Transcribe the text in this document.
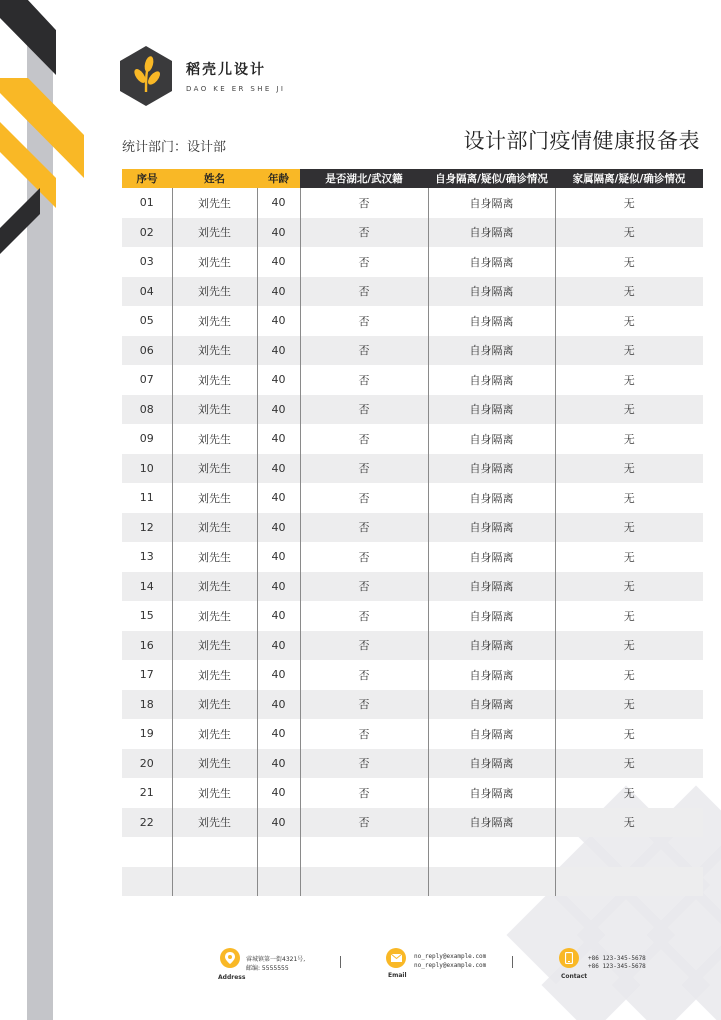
稻壳儿设计
DAO KE ER SHE JI
统计部门：设计部	设计部门疫情健康报备表
序号	姓名	年龄	是否湖北/武汉籍	自身隔离/疑似/确诊情况	家属隔离/疑似/确诊情况
01	刘先生	40	否	自身隔离	无
02	刘先生	40	否	自身隔离	无
03	刘先生	40	否	自身隔离	无
04	刘先生	40	否	自身隔离	无
05	刘先生	40	否	自身隔离	无
06	刘先生	40	否	自身隔离	无
07	刘先生	40	否	自身隔离	无
08	刘先生	40	否	自身隔离	无
09	刘先生	40	否	自身隔离	无
10	刘先生	40	否	自身隔离	无
11	刘先生	40	否	自身隔离	无
12	刘先生	40	否	自身隔离	无
13	刘先生	40	否	自身隔离	无
14	刘先生	40	否	自身隔离	无
15	刘先生	40	否	自身隔离	无
16	刘先生	40	否	自身隔离	无
17	刘先生	40	否	自身隔离	无
18	刘先生	40	否	自身隔离	无
19	刘先生	40	否	自身隔离	无
20	刘先生	40	否	自身隔离	无
21	刘先生	40	否	自身隔离	无
22	刘先生	40	否	自身隔离	无

睿城镇第一街4321号,
邮编: 5555555
Address
no_reply@example.com
no_reply@example.com
Email
+86 123-345-5678
+86 123-345-5678
Contact
